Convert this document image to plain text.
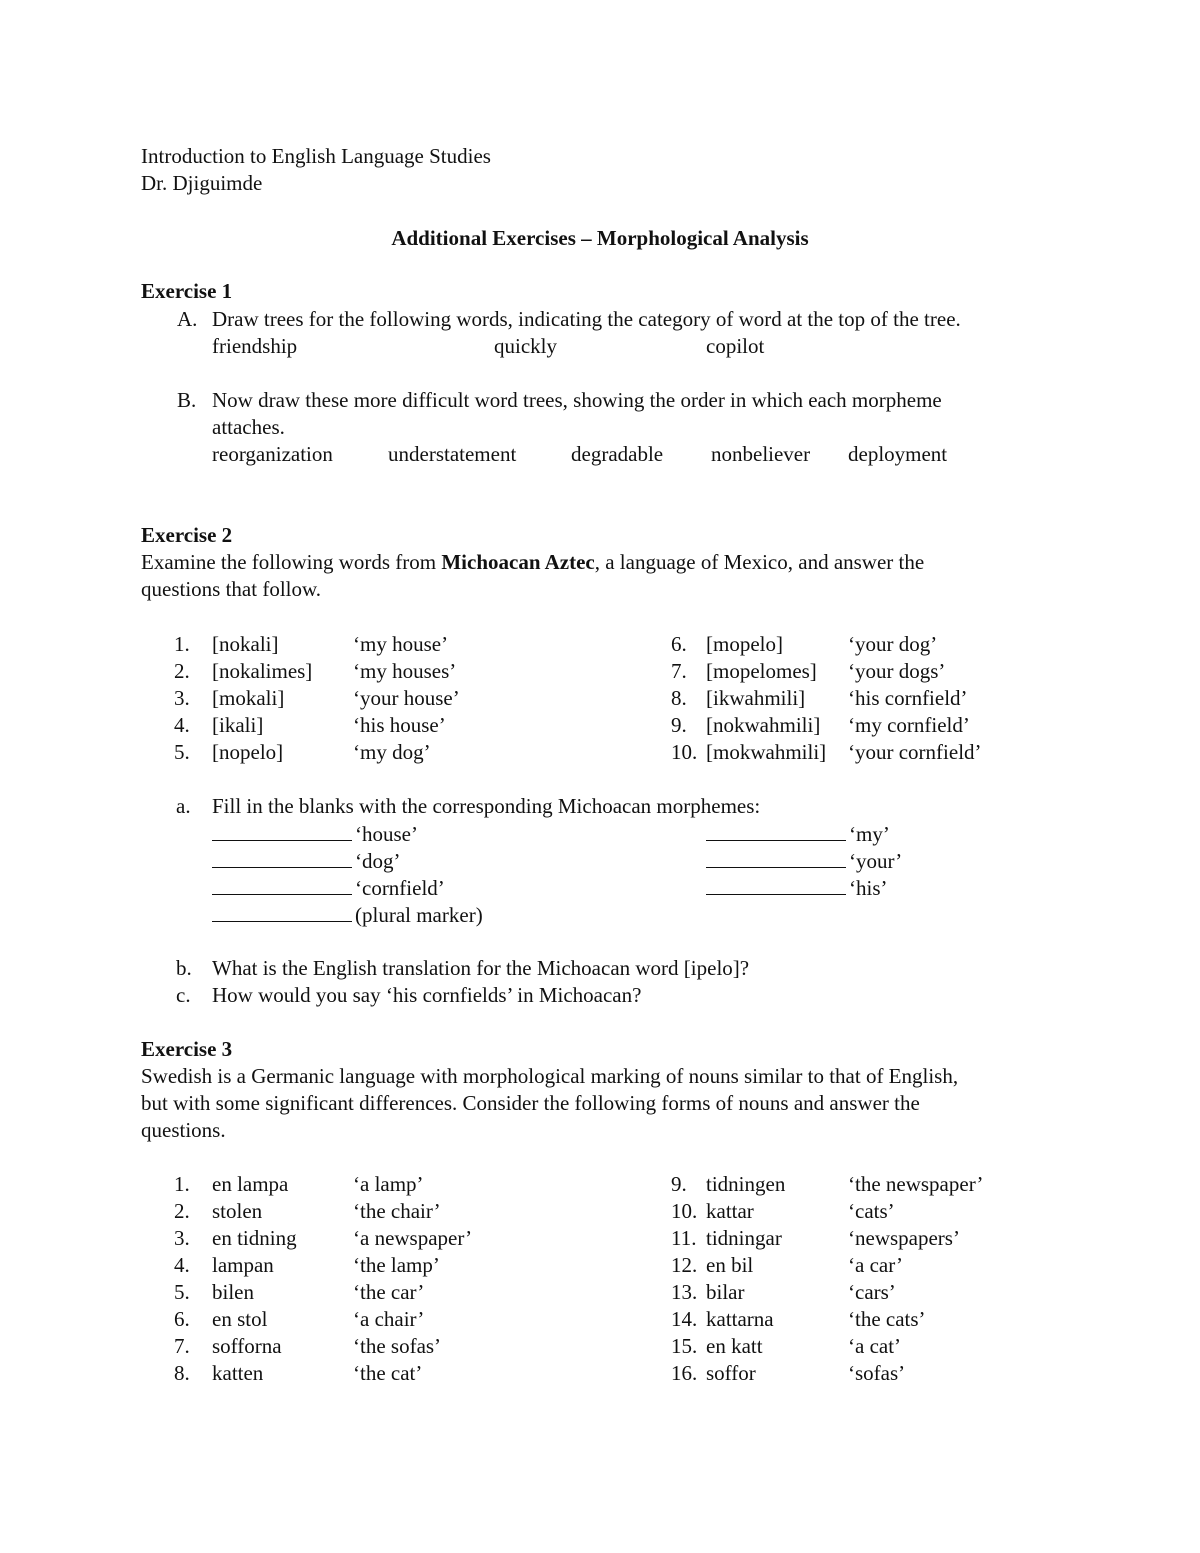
Introduction to English Language Studies
Dr. Djiguimde
Additional Exercises – Morphological Analysis
Exercise 1
A. Draw trees for the following words, indicating the category of word at the top of the tree.
friendship	quickly	copilot
B. Now draw these more difficult word trees, showing the order in which each morpheme
attaches.
reorganization	understatement	degradable nonbeliever deployment
Exercise 2
Examine the following words from Michoacan Aztec, a language of Mexico, and answer the
questions that follow.
1. [nokali]	‘my house’
2. [nokalimes] ‘my houses’
3. [mokali]	‘your house’
4. [ikali]	‘his house’
5. [nopelo]	‘my dog’
6. [mopelo]	‘your dog’
7. [mopelomes] ‘your dogs’
8. [ikwahmili] ‘his cornfield’
9. [nokwahmili] ‘my cornfield’
10. [mokwahmili] ‘your cornfield’
a. Fill in the blanks with the corresponding Michoacan morphemes:
‘house’
‘dog’
‘cornfield’
(plural marker)
‘my’
‘your’
‘his’
b. What is the English translation for the Michoacan word [ipelo]?
c. How would you say ‘his cornfields’ in Michoacan?
Exercise 3
Swedish is a Germanic language with morphological marking of nouns similar to that of English,
but with some significant differences. Consider the following forms of nouns and answer the
questions.
1. en lampa	‘a lamp’
2. stolen	‘the chair’
3. en tidning	‘a newspaper’
4. lampan	‘the lamp’
5. bilen	‘the car’
6. en stol	‘a chair’
7. sofforna	‘the sofas’
8. katten	‘the cat’
9. tidningen	‘the newspaper’
10. kattar	‘cats’
11. tidningar	‘newspapers’
12. en bil	‘a car’
13. bilar	‘cars’
14. kattarna	‘the cats’
15. en katt	‘a cat’
16. soffor	‘sofas’
